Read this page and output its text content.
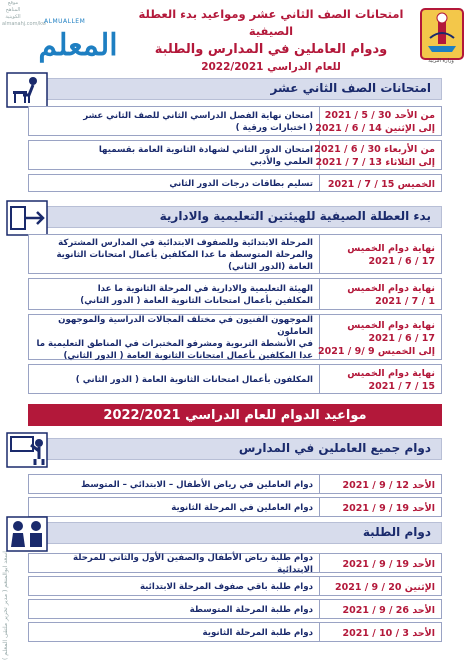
موقع المناهج الكويتية almanahj.com/kw
اسعد ابوالمنعم ( مدير تحرير ملتقى المعلم )
ALMUALLEM
المعلم
امتحانات الصف الثاني عشر ومواعيد بدء العطلة الصيفية
ودوام العاملين في المدارس والطلبة
للعام الدراسي 2022/2021	وزارة التربية
امتحانات الصف الثاني عشر
من الأحد 30 / 5 / 2021
إلى الإثنين 14 / 6 / 2021
امتحان نهاية الفصل الدراسي الثاني للصف الثاني عشر
( اختبارات ورقية )
من الأربعاء 30 / 6 / 2021
إلى الثلاثاء 13 / 7 / 2021
امتحان الدور الثاني لشهادة الثانوية العامة بقسميها
العلمي والأدبي
الخميس 15 / 7 / 2021
تسليم بطاقات درجات الدور الثاني
بدء العطلة الصيفية للهيئتين التعليمية والادارية
نهاية دوام الخميس
17 / 6 / 2021
المرحلة الابتدائية وللصفوف الابتدائية في المدارس المشتركة
والمرحلة المتوسطة ما عدا المكلفين بأعمال امتحانات الثانوية
العامة (الدور الثاني)
نهاية دوام الخميس
1 / 7 / 2021
الهيئة التعليمية والادارية في المرحلة الثانوية ما عدا
المكلفين بأعمال امتحانات الثانوية العامة ( الدور الثاني)
نهاية دوام الخميس
17 / 6 / 2021
إلى الخميس 9 /9 / 2021
الموجهون الفنيون في مختلف المجالات الدراسية والموجهون العاملون
في الأنشطة التربوية ومشرفو المختبرات في المناطق التعليمية ما
عدا المكلفين بأعمال امتحانات الثانوية العامة ( الدور الثاني)
نهاية دوام الخميس
15 / 7 / 2021
المكلفون بأعمال امتحانات الثانوية العامة ( الدور الثاني )
مواعيد الدوام للعام الدراسي 2022/2021
دوام جميع العاملين في المدارس
الأحد 12 / 9 / 2021
دوام العاملين في رياض الأطفال – الابتدائي – المتوسط
الأحد 19 / 9 / 2021
دوام العاملين في المرحلة الثانوية
دوام الطلبة
الأحد 19 / 9 / 2021
دوام طلبة رياض الأطفال والصفين الأول والثاني للمرحلة الابتدائية
الإثنين 20 / 9 / 2021
دوام طلبة باقي صفوف المرحلة الابتدائية
الأحد 26 / 9 / 2021
دوام طلبة المرحلة المتوسطة
الأحد 3 / 10 / 2021
دوام طلبة المرحلة الثانوية
